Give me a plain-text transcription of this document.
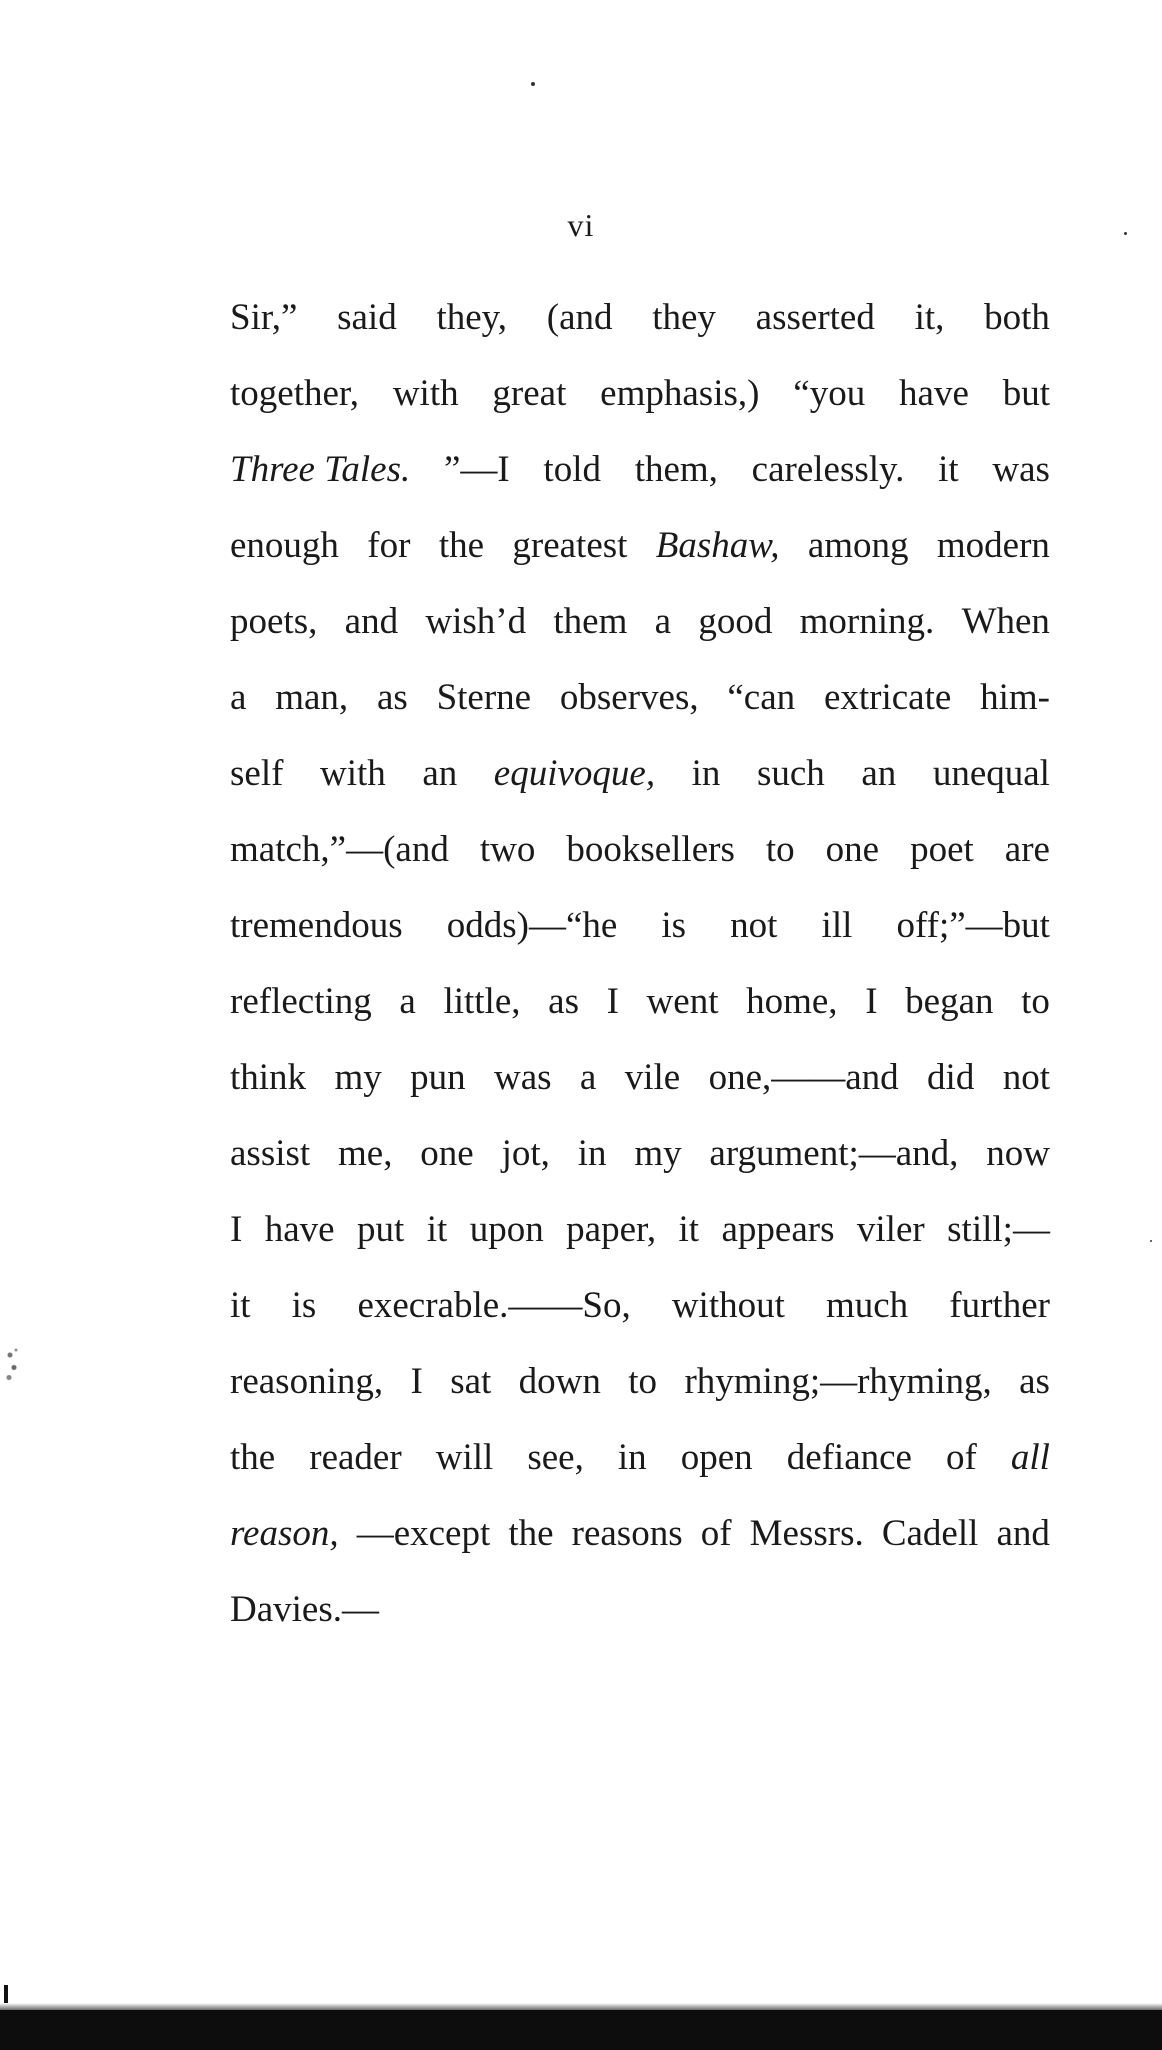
vi
Sir,” said they, (and they asserted it, both
together, with great emphasis,) “you have but
Three Tales. ”—I told them, carelessly. it was
enough for the greatest Bashaw, among modern
poets, and wish’d them a good morning. When
a man, as Sterne observes, “can extricate him-
self with an equivoque, in such an unequal
match,”—(and two booksellers to one poet are
tremendous odds)—“he is not ill off;”—but
reflecting a little, as I went home, I began to
think my pun was a vile one,——and did not
assist me, one jot, in my argument;—and, now
I have put it upon paper, it appears viler still;—
it is execrable.——So, without much further
reasoning, I sat down to rhyming;—rhyming, as
the reader will see, in open defiance of all
reason, —except the reasons of Messrs. Cadell and
Davies.—
